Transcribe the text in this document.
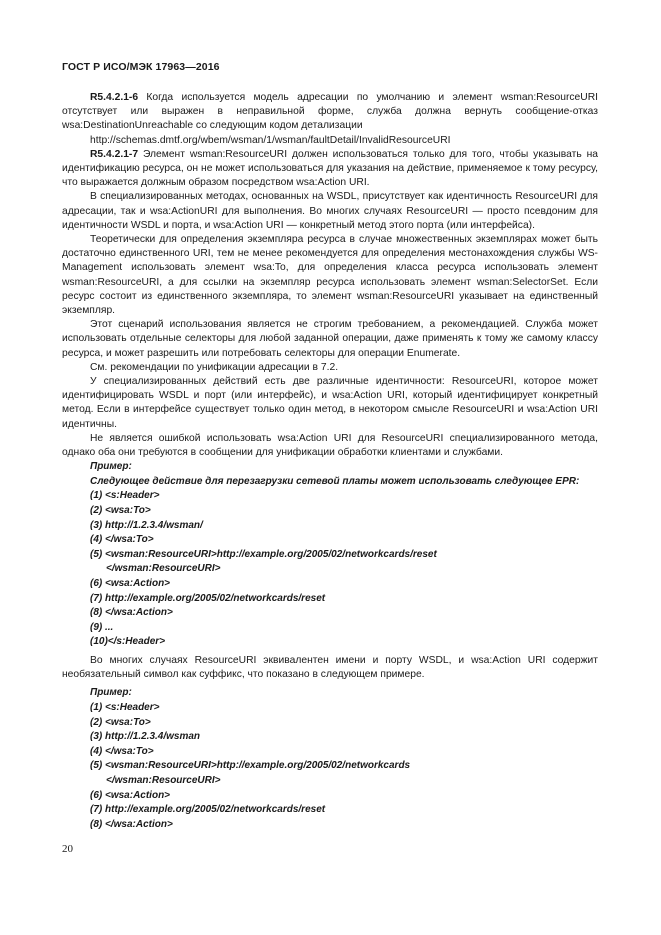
ГОСТ Р ИСО/МЭК 17963—2016

R5.4.2.1-6 Когда используется модель адресации по умолчанию и элемент wsman:ResourceURI отсутствует или выражен в неправильной форме, служба должна вернуть сообщение-отказ wsa:DestinationUnreachable со следующим кодом детализации

http://schemas.dmtf.org/wbem/wsman/1/wsman/faultDetail/InvalidResourceURI

R5.4.2.1-7 Элемент wsman:ResourceURI должен использоваться только для того, чтобы указывать на идентификацию ресурса, он не может использоваться для указания на действие, применяемое к тому ресурсу, что выражается должным образом посредством wsa:Action URI.

В специализированных методах, основанных на WSDL, присутствует как идентичность ResourceURI для адресации, так и wsa:ActionURI для выполнения. Во многих случаях ResourceURI — просто псевдоним для идентичности WSDL и порта, и wsa:Action URI — конкретный метод этого порта (или интерфейса).

Теоретически для определения экземпляра ресурса в случае множественных экземплярах может быть достаточно единственного URI, тем не менее рекомендуется для определения местонахождения службы WS-Management использовать элемент wsa:To, для определения класса ресурса использовать элемент wsman:ResourceURI, а для ссылки на экземпляр ресурса использовать элемент wsman:SelectorSet. Если ресурс состоит из единственного экземпляра, то элемент wsman:ResourceURI указывает на единственный экземпляр.

Этот сценарий использования является не строгим требованием, а рекомендацией. Служба может использовать отдельные селекторы для любой заданной операции, даже применять к тому же самому классу ресурса, и может разрешить или потребовать селекторы для операции Enumerate.

См. рекомендации по унификации адресации в 7.2.

У специализированных действий есть две различные идентичности: ResourceURI, которое может идентифицировать WSDL и порт (или интерфейс), и wsa:Action URI, который идентифицирует конкретный метод. Если в интерфейсе существует только один метод, в некотором смысле ResourceURI и wsa:Action URI идентичны.

Не является ошибкой использовать wsa:Action URI для ResourceURI специализированного метода, однако оба они требуются в сообщении для унификации обработки клиентами и службами.

Пример:
Следующее действие для перезагрузки сетевой платы может использовать следующее EPR:
(1) <s:Header>
(2) <wsa:To>
(3) http://1.2.3.4/wsman/
(4) </wsa:To>
(5) <wsman:ResourceURI>http://example.org/2005/02/networkcards/reset
</wsman:ResourceURI>
(6) <wsa:Action>
(7) http://example.org/2005/02/networkcards/reset
(8) </wsa:Action>
(9) ...
(10)</s:Header>

Во многих случаях ResourceURI эквивалентен имени и порту WSDL, и wsa:Action URI содержит необязательный символ как суффикс, что показано в следующем примере.

Пример:
(1) <s:Header>
(2) <wsa:To>
(3) http://1.2.3.4/wsman
(4) </wsa:To>
(5) <wsman:ResourceURI>http://example.org/2005/02/networkcards
</wsman:ResourceURI>
(6) <wsa:Action>
(7) http://example.org/2005/02/networkcards/reset
(8) </wsa:Action>
20
